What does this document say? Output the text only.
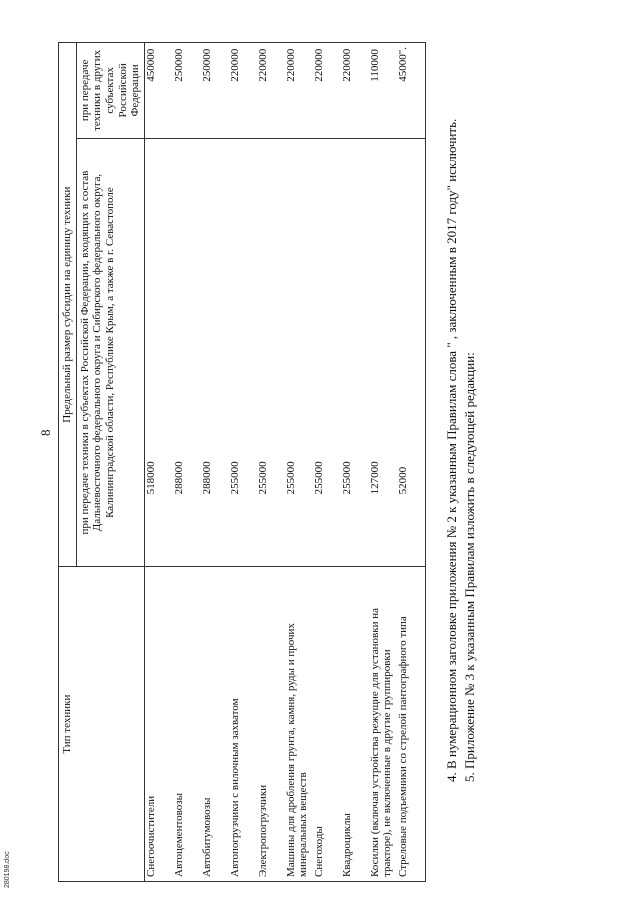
8
280198.doc
Тип техники	Предельный размер субсидии на единицу техники	
	при передаче техники в субъектах Российской Федерации, входящих в состав Дальневосточного федерального округа и Сибирского федерального округа, Калининградской области, Республике Крым, а также в г. Севастополе	при передаче техники в других субъектах Российской Федерации
Снегоочистители	518000	450000
Автоцементовозы	288000	250000
Автобитумовозы	288000	250000
Автопогрузчики с вилочным захватом	255000	220000
Электропогрузчики	255000	220000
Машины для дробления грунта, камня, руды и прочих минеральных веществ	255000	220000
Снегоходы	255000	220000
Квадроциклы	255000	220000
Косилки (включая устройства режущие для установки на тракторе), не включенные в другие группировки	127000	110000
Стреловые подъемники со стрелой пантографного типа	52000	45000".

4. В нумерационном заголовке приложения № 2 к указанным Правилам слова " , заключенным в 2017 году" исключить. 5. Приложение № 3 к указанным Правилам изложить в следующей редакции:
